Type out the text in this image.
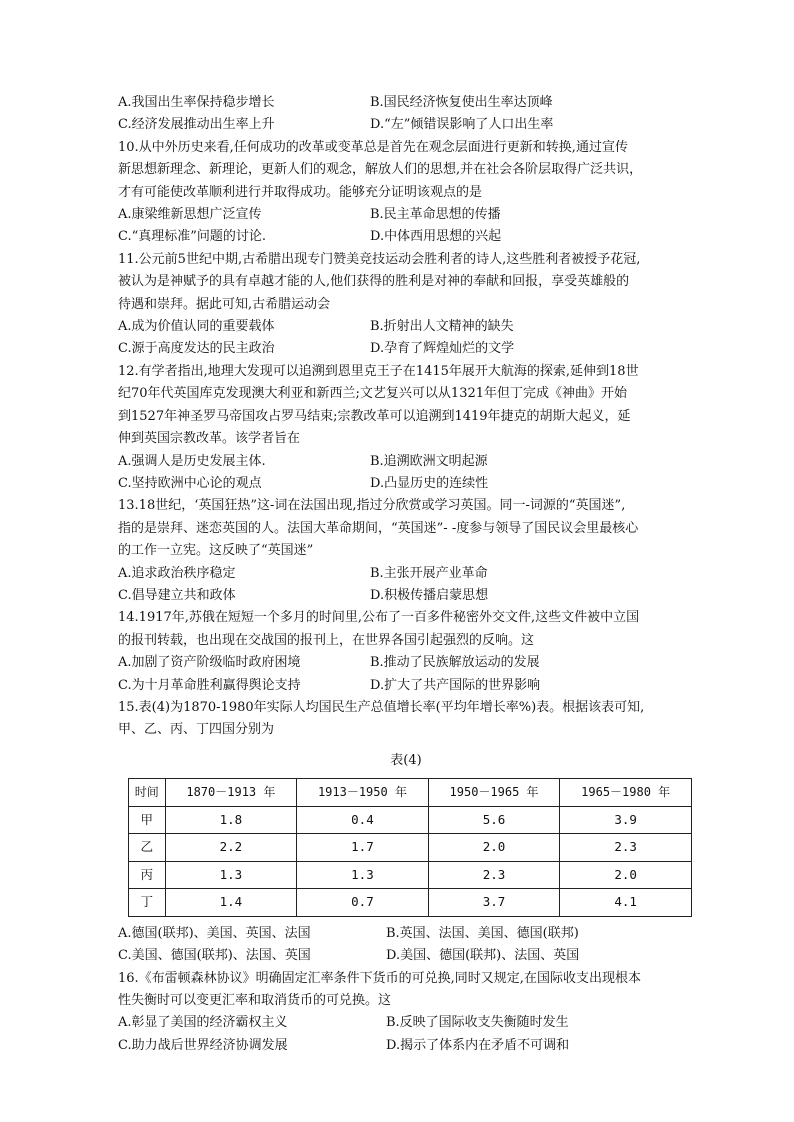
A.我国出生率保持稳步增长	B.国民经济恢复使出生率达顶峰
C.经济发展推动出生率上升	D.“左”倾错误影响了人口出生率
10.从中外历史来看,任何成功的改革或变革总是首先在观念层面进行更新和转换,通过宣传
新思想新理念、新理论，更新人们的观念，解放人们的思想,并在社会各阶层取得广泛共识，
才有可能使改革顺利进行并取得成功。能够充分证明该观点的是
A.康梁维新思想广泛宣传	B.民主革命思想的传播
C.“真理标准”问题的讨论.	D.中体西用思想的兴起
11.公元前5世纪中期,古希腊出现专门赞美竞技运动会胜利者的诗人,这些胜利者被授予花冠,
被认为是神赋予的具有卓越才能的人,他们获得的胜利是对神的奉献和回报，享受英雄般的
待遇和崇拜。据此可知,古希腊运动会
A.成为价值认同的重要载体	B.折射出人文精神的缺失
C.源于高度发达的民主政治	D.孕育了辉煌灿烂的文学
12.有学者指出,地理大发现可以追溯到恩里克王子在1415年展开大航海的探索,延伸到18世
纪70年代英国库克发现澳大利亚和新西兰;文艺复兴可以从1321年但丁完成《神曲》开始
到1527年神圣罗马帝国攻占罗马结束;宗教改革可以追溯到1419年捷克的胡斯大起义，延
伸到英国宗教改革。该学者旨在
A.强调人是历史发展主体.	B.追溯欧洲文明起源
C.坚持欧洲中心论的观点	D.凸显历史的连续性
13.18世纪，‘英国狂热”这-词在法国出现,指过分欣赏或学习英国。同一-词源的“英国迷”,
指的是崇拜、迷恋英国的人。法国大革命期间，“英国迷”- -度参与领导了国民议会里最核心
的工作一立宪。这反映了“英国迷”
A.追求政治秩序稳定	B.主张开展产业革命
C.倡导建立共和政体	D.积极传播启蒙思想
14.1917年,苏俄在短短一个多月的时间里,公布了一百多件秘密外交文件,这些文件被中立国
的报刊转载，也出现在交战国的报刊上，在世界各国引起强烈的反响。这
A.加剧了资产阶级临时政府困境	B.推动了民族解放运动的发展
C.为十月革命胜利赢得舆论支持	D.扩大了共产国际的世界影响
15.表(4)为1870-1980年实际人均国民生产总值增长率(平均年增长率%)表。根据该表可知,
甲、乙、丙、丁四国分别为
表(4)
时间	1870－1913 年	1913－1950 年	1950－1965 年	1965－1980 年
甲	1.8	0.4	5.6	3.9
乙	2.2	1.7	2.0	2.3
丙	1.3	1.3	2.3	2.0
丁	1.4	0.7	3.7	4.1
A.德国(联邦)、美国、英国、法国	B.英国、法国、美国、德国(联邦)
C.美国、德国(联邦)、法国、英国	D.美国、德国(联邦)、法国、英国
16.《布雷顿森林协议》明确固定汇率条件下货币的可兑换,同时又规定,在国际收支出现根本
性失衡时可以变更汇率和取消货币的可兑换。这
A.彰显了美国的经济霸权主义	B.反映了国际收支失衡随时发生
C.助力战后世界经济协调发展	D.揭示了体系内在矛盾不可调和
